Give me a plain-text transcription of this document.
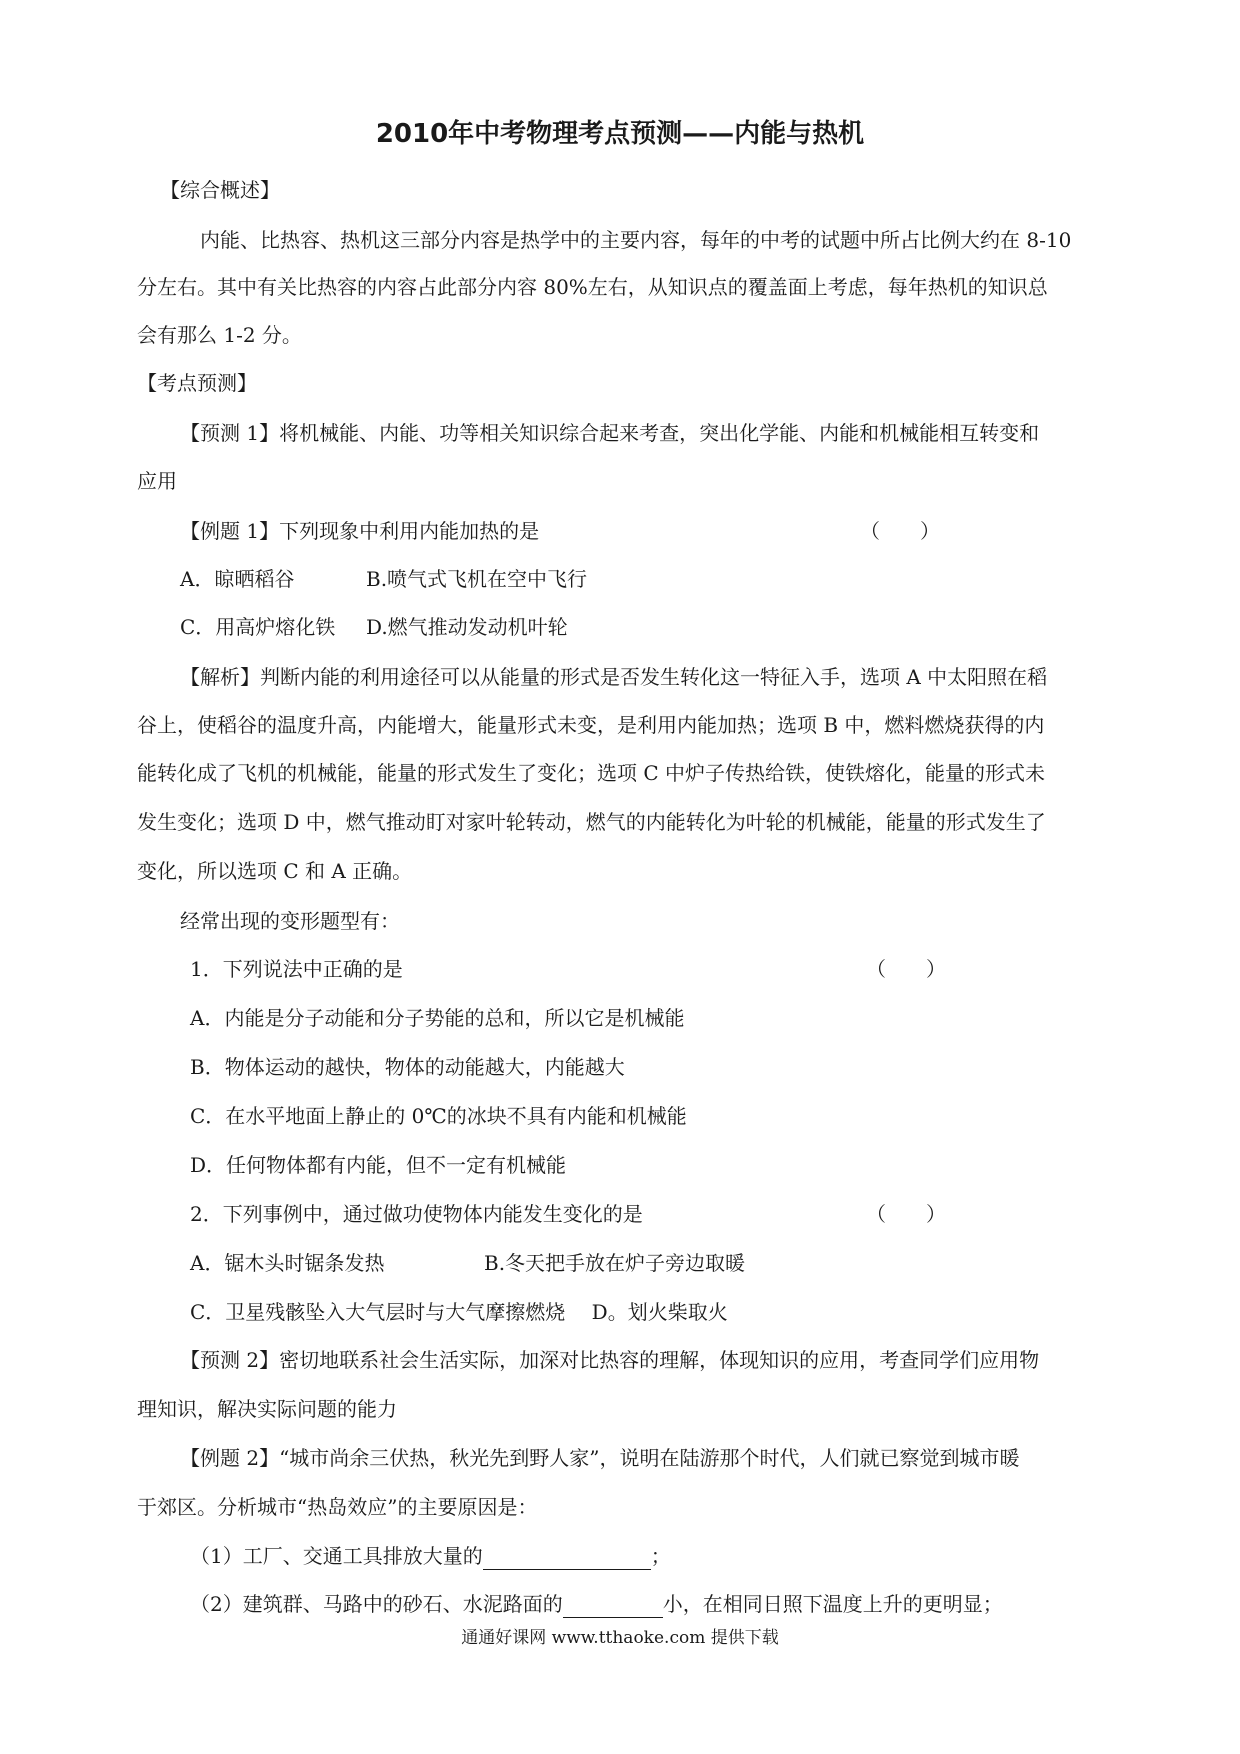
2010年中考物理考点预测——内能与热机
【综合概述】
内能、比热容、热机这三部分内容是热学中的主要内容，每年的中考的试题中所占比例大约在 8-10
分左右。其中有关比热容的内容占此部分内容 80%左右，从知识点的覆盖面上考虑，每年热机的知识总
会有那么 1-2 分。
【考点预测】
【预测 1】将机械能、内能、功等相关知识综合起来考查，突出化学能、内能和机械能相互转变和
应用
【例题 1】下列现象中利用内能加热的是	（　　）
A．晾晒稻谷	B.喷气式飞机在空中飞行
C．用高炉熔化铁 D.燃气推动发动机叶轮
【解析】判断内能的利用途径可以从能量的形式是否发生转化这一特征入手，选项 A 中太阳照在稻
谷上，使稻谷的温度升高，内能增大，能量形式未变，是利用内能加热；选项 B 中，燃料燃烧获得的内
能转化成了飞机的机械能，能量的形式发生了变化；选项 C 中炉子传热给铁，使铁熔化，能量的形式未
发生变化；选项 D 中，燃气推动盯对家叶轮转动，燃气的内能转化为叶轮的机械能，能量的形式发生了
变化，所以选项 C 和 A 正确。
经常出现的变形题型有：
1．下列说法中正确的是	（　　）
A．内能是分子动能和分子势能的总和，所以它是机械能
B．物体运动的越快，物体的动能越大，内能越大
C．在水平地面上静止的 0℃的冰块不具有内能和机械能
D．任何物体都有内能，但不一定有机械能
2．下列事例中，通过做功使物体内能发生变化的是	（　　）
A．锯木头时锯条发热	B.冬天把手放在炉子旁边取暖
C．卫星残骸坠入大气层时与大气摩擦燃烧　 D。划火柴取火
【预测 2】密切地联系社会生活实际，加深对比热容的理解，体现知识的应用，考查同学们应用物
理知识，解决实际问题的能力
【例题 2】“城市尚余三伏热，秋光先到野人家”，说明在陆游那个时代，人们就已察觉到城市暖
于郊区。分析城市“热岛效应”的主要原因是：
（1）工厂、交通工具排放大量的	；
（2）建筑群、马路中的砂石、水泥路面的	小，在相同日照下温度上升的更明显；
通通好课网 www.tthaoke.com 提供下载
